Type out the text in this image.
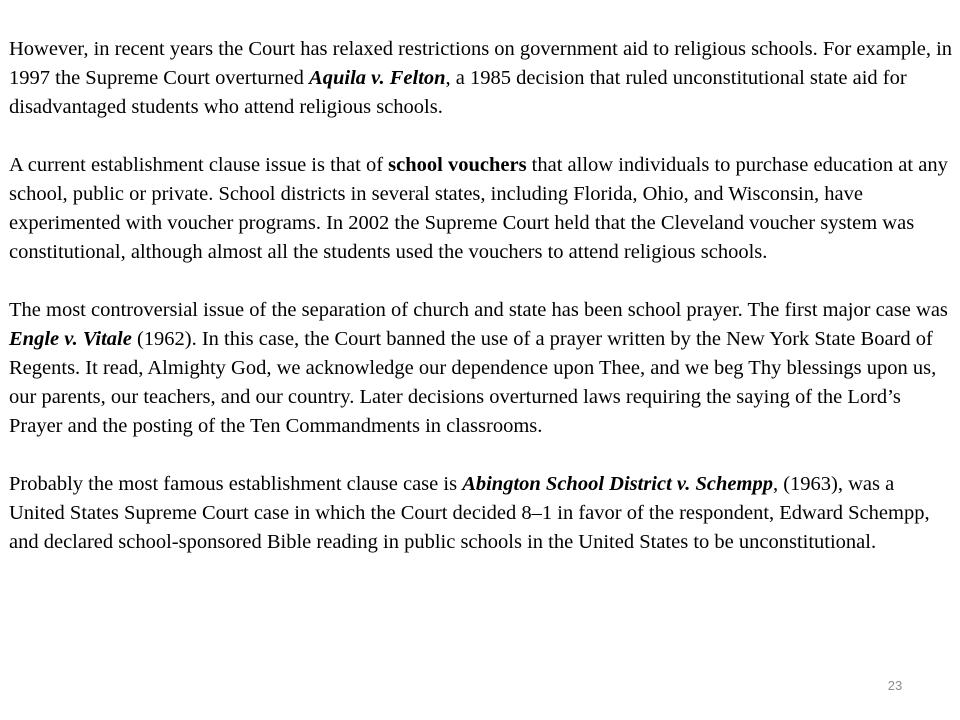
However, in recent years the Court has relaxed restrictions on government aid to religious schools. For example, in 1997 the Supreme Court overturned Aquila v. Felton, a 1985 decision that ruled unconstitutional state aid for disadvantaged students who attend religious schools.

A current establishment clause issue is that of school vouchers that allow individuals to purchase education at any school, public or private. School districts in several states, including Florida, Ohio, and Wisconsin, have experimented with voucher programs. In 2002 the Supreme Court held that the Cleveland voucher system was constitutional, although almost all the students used the vouchers to attend religious schools.

The most controversial issue of the separation of church and state has been school prayer. The first major case was Engle v. Vitale (1962). In this case, the Court banned the use of a prayer written by the New York State Board of Regents. It read, Almighty God, we acknowledge our dependence upon Thee, and we beg Thy blessings upon us, our parents, our teachers, and our country. Later decisions overturned laws requiring the saying of the Lord’s Prayer and the posting of the Ten Commandments in classrooms.

Probably the most famous establishment clause case is Abington School District v. Schempp, (1963), was a United States Supreme Court case in which the Court decided 8–1 in favor of the respondent, Edward Schempp, and declared school-sponsored Bible reading in public schools in the United States to be unconstitutional.

23
